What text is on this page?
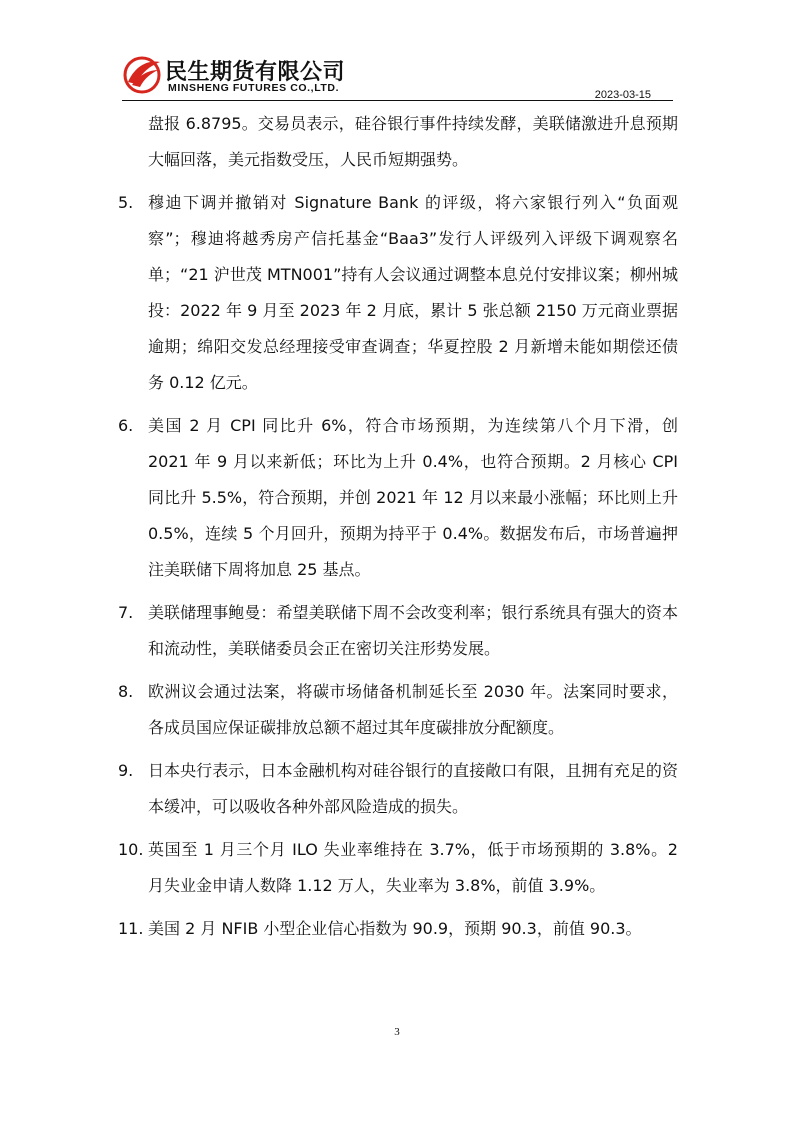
民生期货有限公司
MINSHENG FUTURES CO.,LTD.
2023-03-15

盘报 6.8795。交易员表示，硅谷银行事件持续发酵，美联储激进升息预期大幅回落，美元指数受压，人民币短期强势。

5. 穆迪下调并撤销对 Signature Bank 的评级，将六家银行列入“负面观察”；穆迪将越秀房产信托基金“Baa3”发行人评级列入评级下调观察名单；“21 沪世茂 MTN001”持有人会议通过调整本息兑付安排议案；柳州城投：2022 年 9 月至 2023 年 2 月底，累计 5 张总额 2150 万元商业票据逾期；绵阳交发总经理接受审查调查；华夏控股 2 月新增未能如期偿还债务 0.12 亿元。

6. 美国 2 月 CPI 同比升 6%，符合市场预期，为连续第八个月下滑，创 2021 年 9 月以来新低；环比为上升 0.4%，也符合预期。2 月核心 CPI 同比升 5.5%，符合预期，并创 2021 年 12 月以来最小涨幅；环比则上升 0.5%，连续 5 个月回升，预期为持平于 0.4%。数据发布后，市场普遍押注美联储下周将加息 25 基点。

7. 美联储理事鲍曼：希望美联储下周不会改变利率；银行系统具有强大的资本和流动性，美联储委员会正在密切关注形势发展。

8. 欧洲议会通过法案，将碳市场储备机制延长至 2030 年。法案同时要求，各成员国应保证碳排放总额不超过其年度碳排放分配额度。

9. 日本央行表示，日本金融机构对硅谷银行的直接敞口有限，且拥有充足的资本缓冲，可以吸收各种外部风险造成的损失。

10. 英国至 1 月三个月 ILO 失业率维持在 3.7%，低于市场预期的 3.8%。2 月失业金申请人数降 1.12 万人，失业率为 3.8%，前值 3.9%。

11. 美国 2 月 NFIB 小型企业信心指数为 90.9，预期 90.3，前值 90.3。

3
